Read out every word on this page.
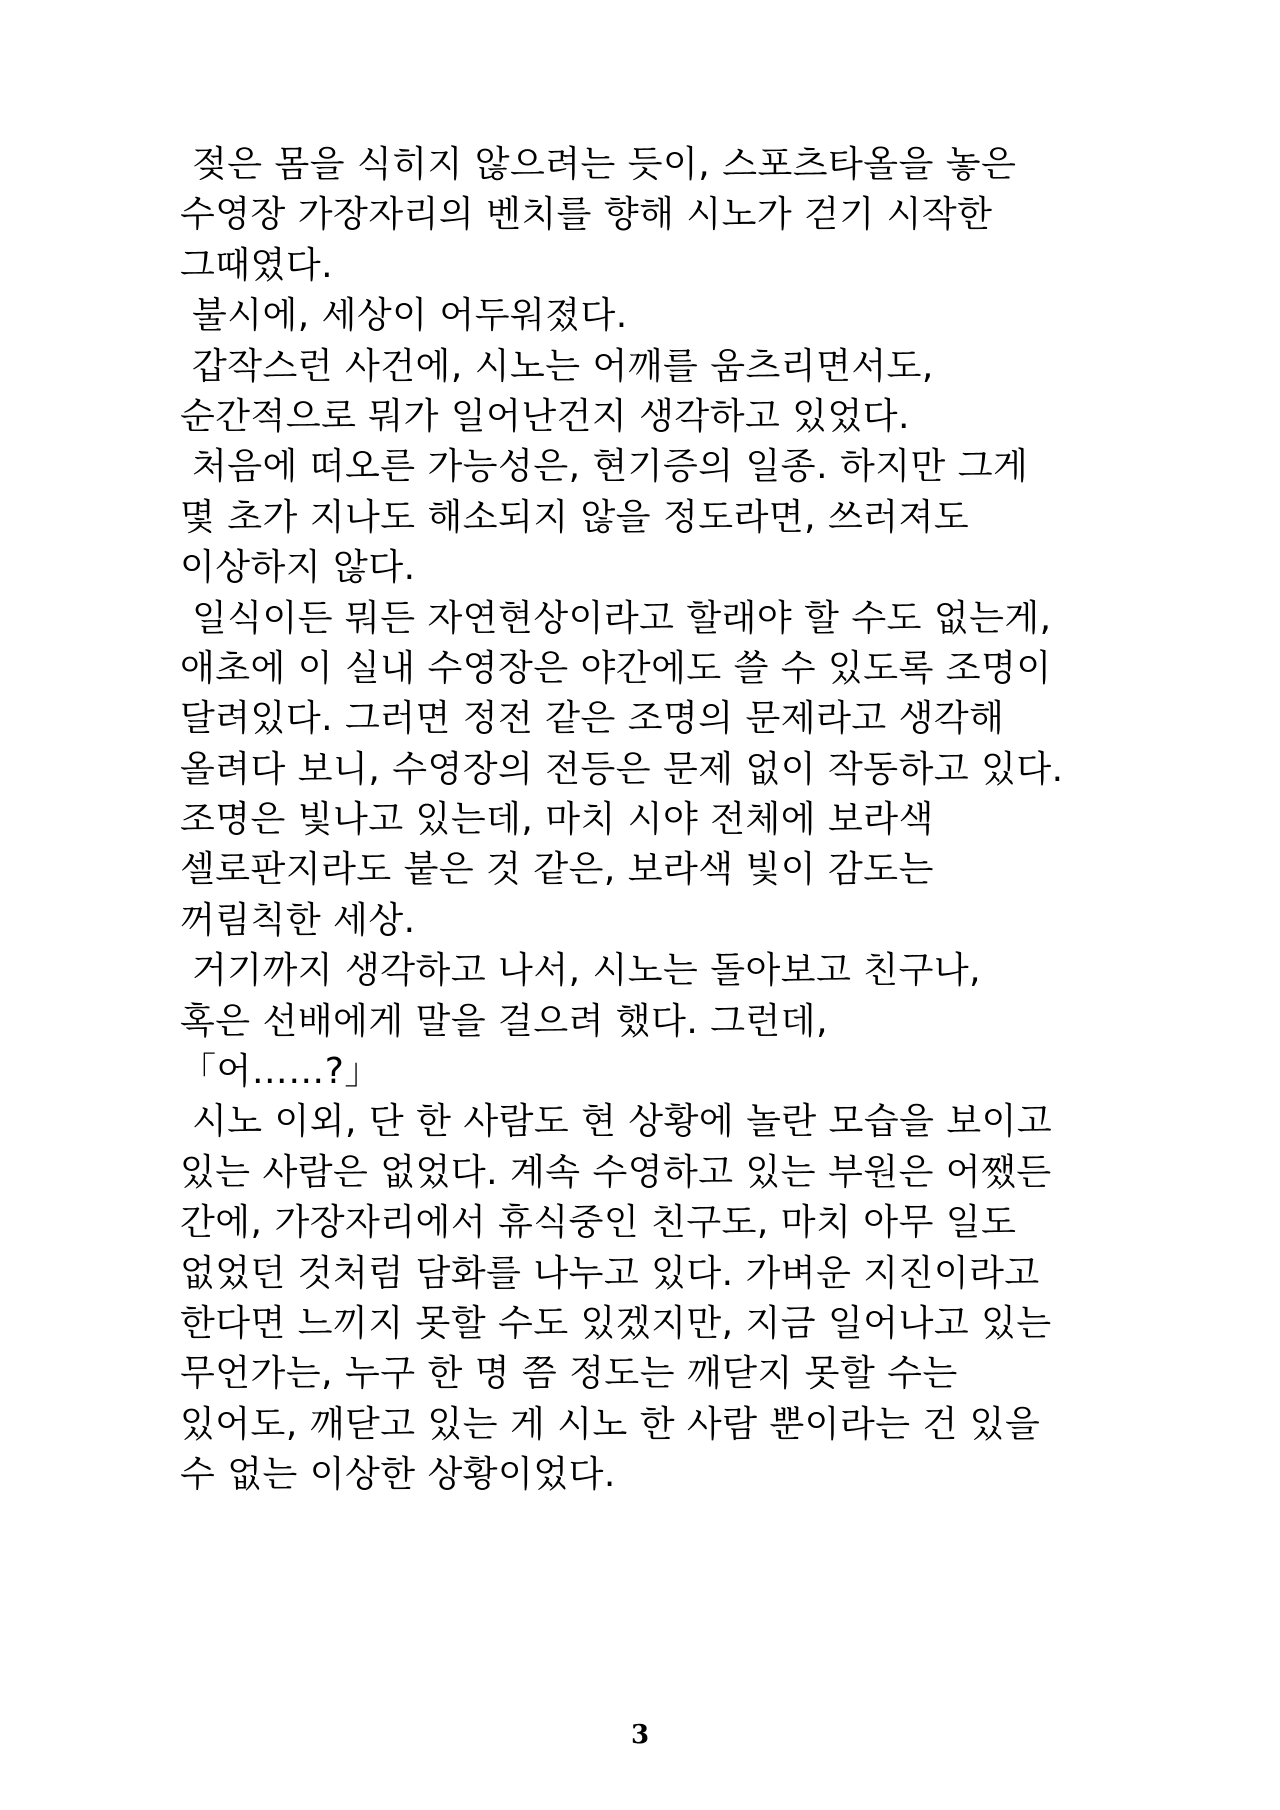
젖은 몸을 식히지 않으려는 듯이, 스포츠타올을 놓은
수영장 가장자리의 벤치를 향해 시노가 걷기 시작한
그때였다.
불시에, 세상이 어두워졌다.
갑작스런 사건에, 시노는 어깨를 움츠리면서도,
순간적으로 뭐가 일어난건지 생각하고 있었다.
처음에 떠오른 가능성은, 현기증의 일종. 하지만 그게
몇 초가 지나도 해소되지 않을 정도라면, 쓰러져도
이상하지 않다.
일식이든 뭐든 자연현상이라고 할래야 할 수도 없는게,
애초에 이 실내 수영장은 야간에도 쓸 수 있도록 조명이
달려있다. 그러면 정전 같은 조명의 문제라고 생각해
올려다 보니, 수영장의 전등은 문제 없이 작동하고 있다.
조명은 빛나고 있는데, 마치 시야 전체에 보라색
셀로판지라도 붙은 것 같은, 보라색 빛이 감도는
꺼림칙한 세상.
거기까지 생각하고 나서, 시노는 돌아보고 친구나,
혹은 선배에게 말을 걸으려 했다. 그런데,
「어……?」
시노 이외, 단 한 사람도 현 상황에 놀란 모습을 보이고
있는 사람은 없었다. 계속 수영하고 있는 부원은 어쨌든
간에, 가장자리에서 휴식중인 친구도, 마치 아무 일도
없었던 것처럼 담화를 나누고 있다. 가벼운 지진이라고
한다면 느끼지 못할 수도 있겠지만, 지금 일어나고 있는
무언가는, 누구 한 명 쯤 정도는 깨닫지 못할 수는
있어도, 깨닫고 있는 게 시노 한 사람 뿐이라는 건 있을
수 없는 이상한 상황이었다.
3
